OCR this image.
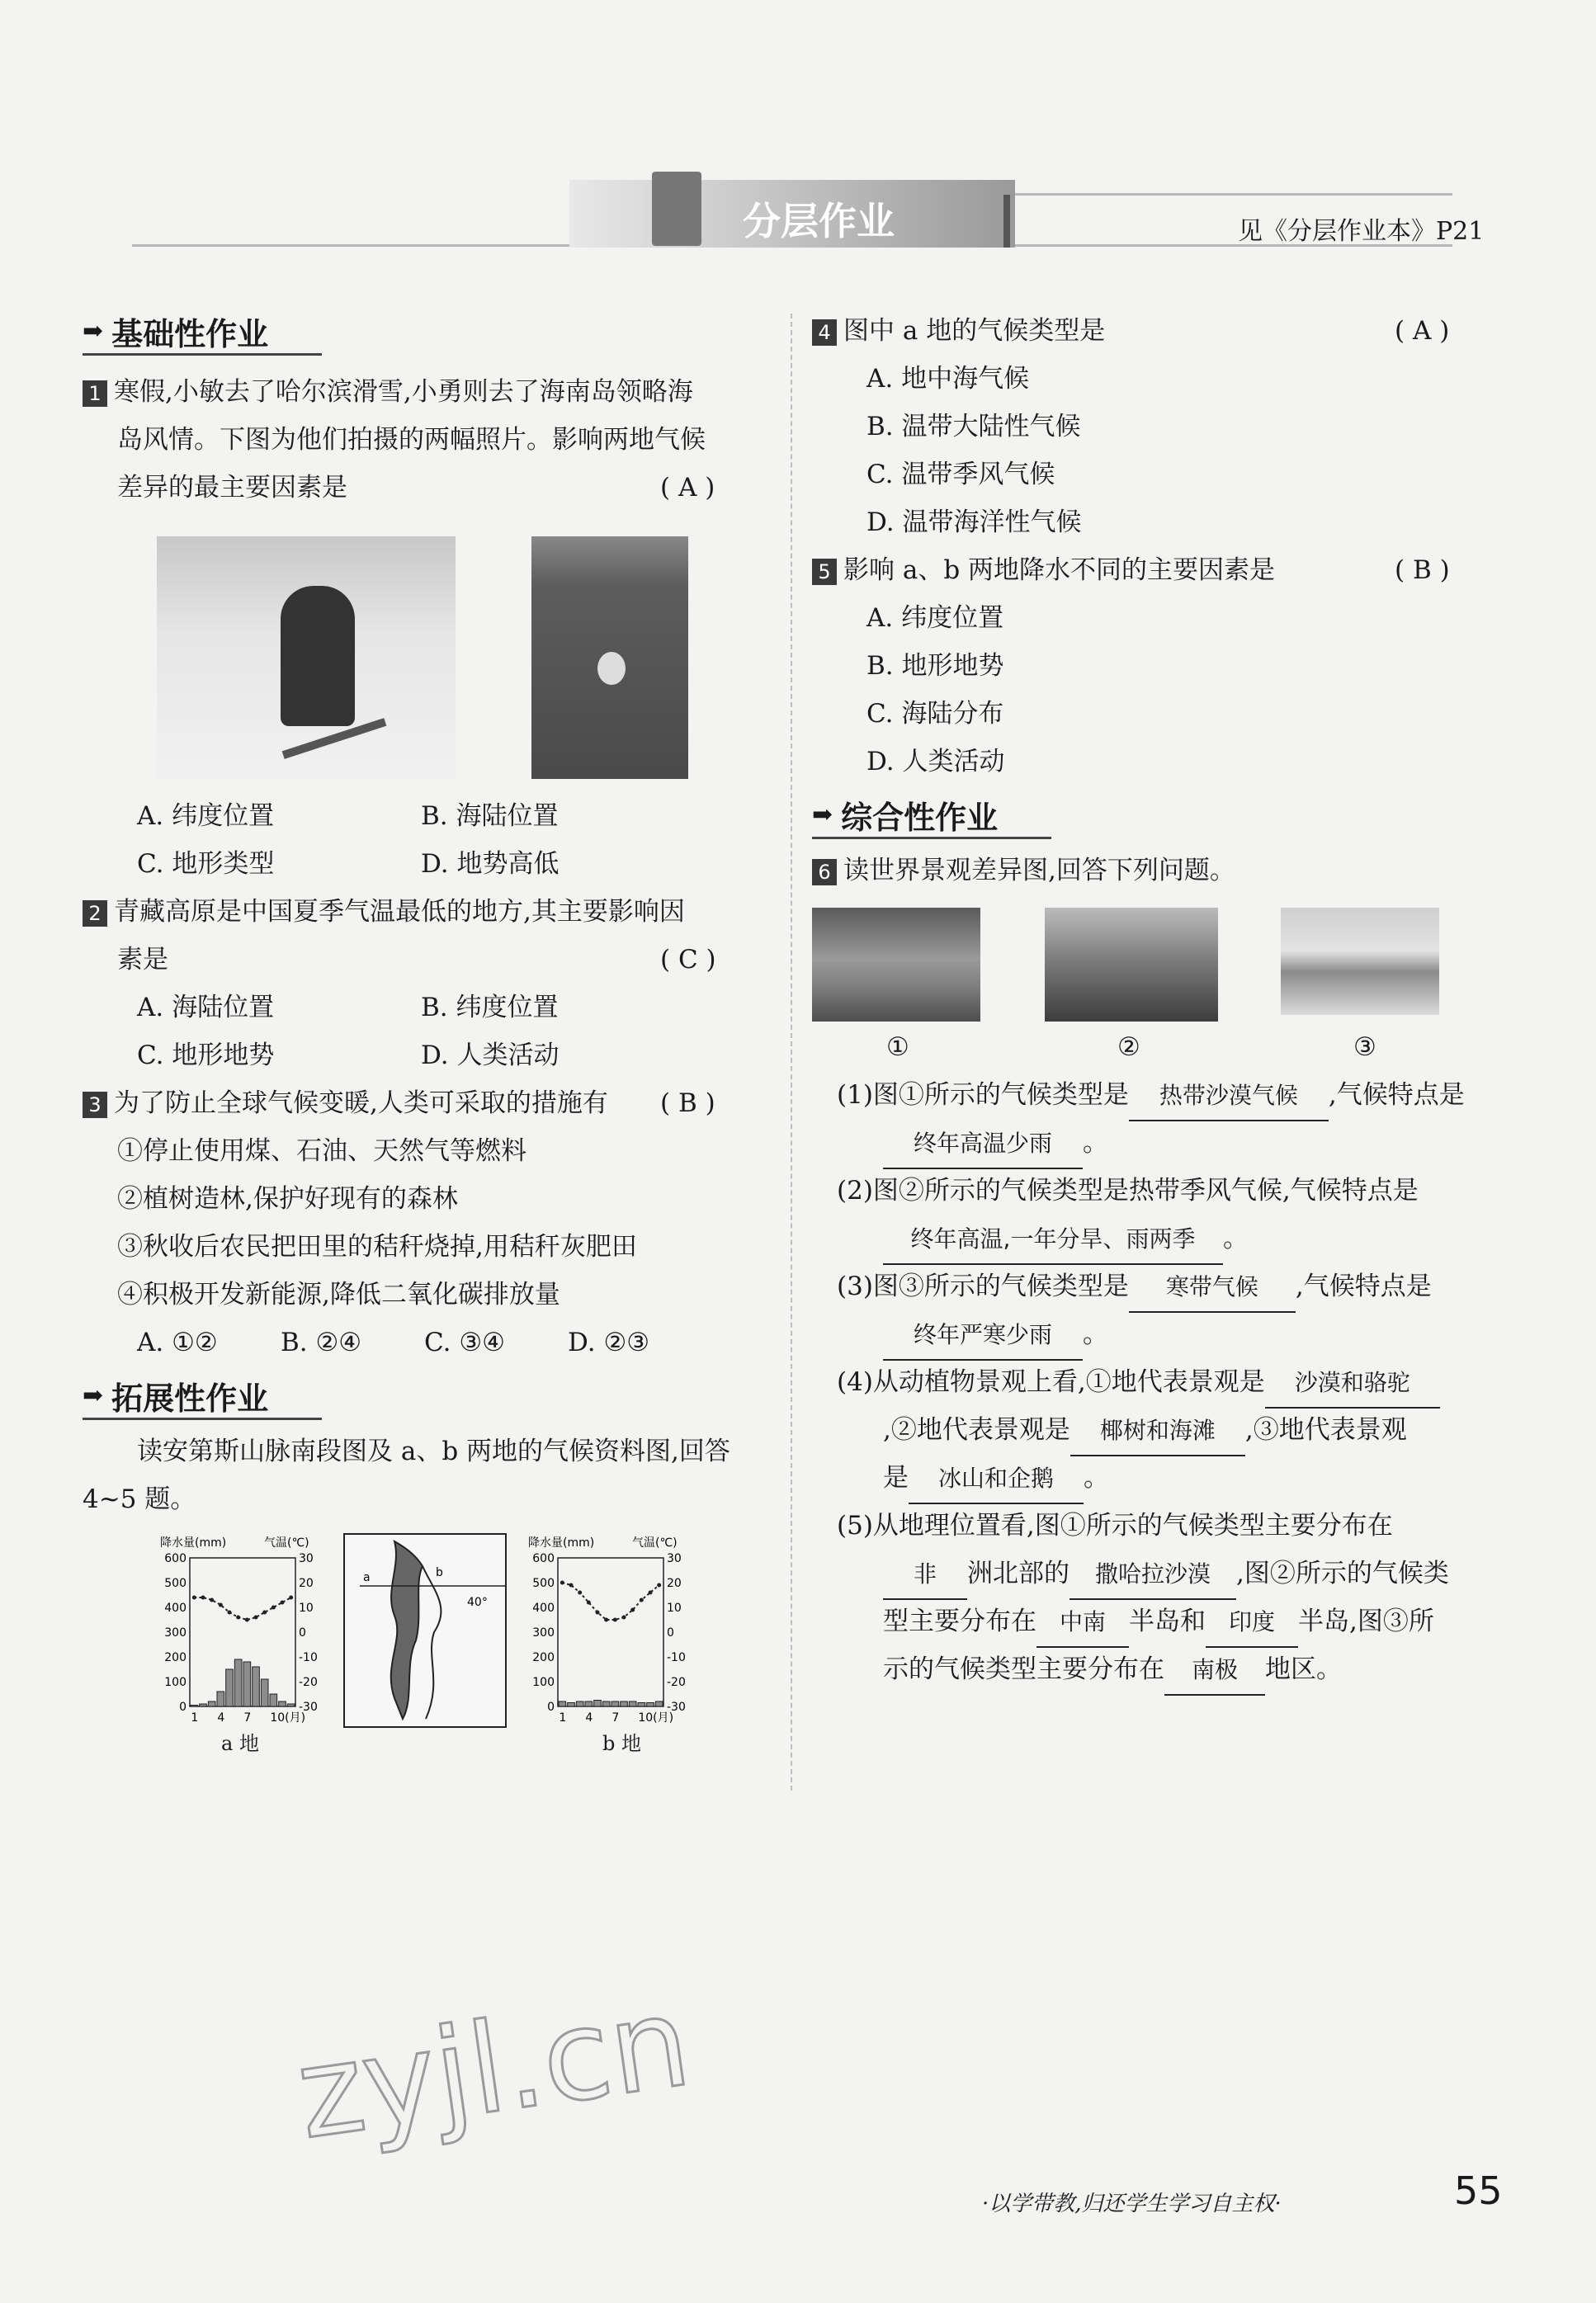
分层作业	见《分层作业本》P21
➡ 基础性作业
1 寒假,小敏去了哈尔滨滑雪,小勇则去了海南岛领略海
岛风情。下图为他们拍摄的两幅照片。影响两地气候
差异的最主要因素是	( A )
A. 纬度位置	B. 海陆位置
C. 地形类型	D. 地势高低
2 青藏高原是中国夏季气温最低的地方,其主要影响因
素是	( C )
A. 海陆位置	B. 纬度位置
C. 地形地势	D. 人类活动
3 为了防止全球气候变暖,人类可采取的措施有 ( B )
①停止使用煤、石油、天然气等燃料
②植树造林,保护好现有的森林
③秋收后农民把田里的秸秆烧掉,用秸秆灰肥田
④积极开发新能源,降低二氧化碳排放量
A. ①② B. ②④ C. ③④ D. ②③
➡ 拓展性作业
读安第斯山脉南段图及 a、b 两地的气候资料图,回答
4~5 题。
降水量(mm)	气温(℃)
600
500
400
300
200
100
0
30
20
10
0
-10
-20
-30
1 4 7 10(月)
a 地
a	b
40°
降水量(mm)	气温(℃)
600
500
400
300
200
100
0
30
20
10
0
-10
-20
-30
1 4 7 10(月)
b 地
4 图中 a 地的气候类型是	( A )
A. 地中海气候
B. 温带大陆性气候
C. 温带季风气候
D. 温带海洋性气候
5 影响 a、b 两地降水不同的主要因素是	( B )
A. 纬度位置
B. 地形地势
C. 海陆分布
D. 人类活动
➡ 综合性作业
6 读世界景观差异图,回答下列问题。
①	②	③
(1)图①所示的气候类型是 热带沙漠气候 ,气候特点是
终年高温少雨 。
(2)图②所示的气候类型是热带季风气候,气候特点是
终年高温,一年分旱、雨两季 。
(3)图③所示的气候类型是 寒带气候 ,气候特点是
终年严寒少雨 。
(4)从动植物景观上看,①地代表景观是 沙漠和骆驼
,②地代表景观是 椰树和海滩 ,③地代表景观
是 冰山和企鹅 。
(5)从地理位置看,图①所示的气候类型主要分布在
非 洲北部的 撒哈拉沙漠 ,图②所示的气候类
型主要分布在 中南 半岛和 印度 半岛,图③所
示的气候类型主要分布在 南极 地区。
zyjl.cn
·以学带教,归还学生学习自主权·	55
